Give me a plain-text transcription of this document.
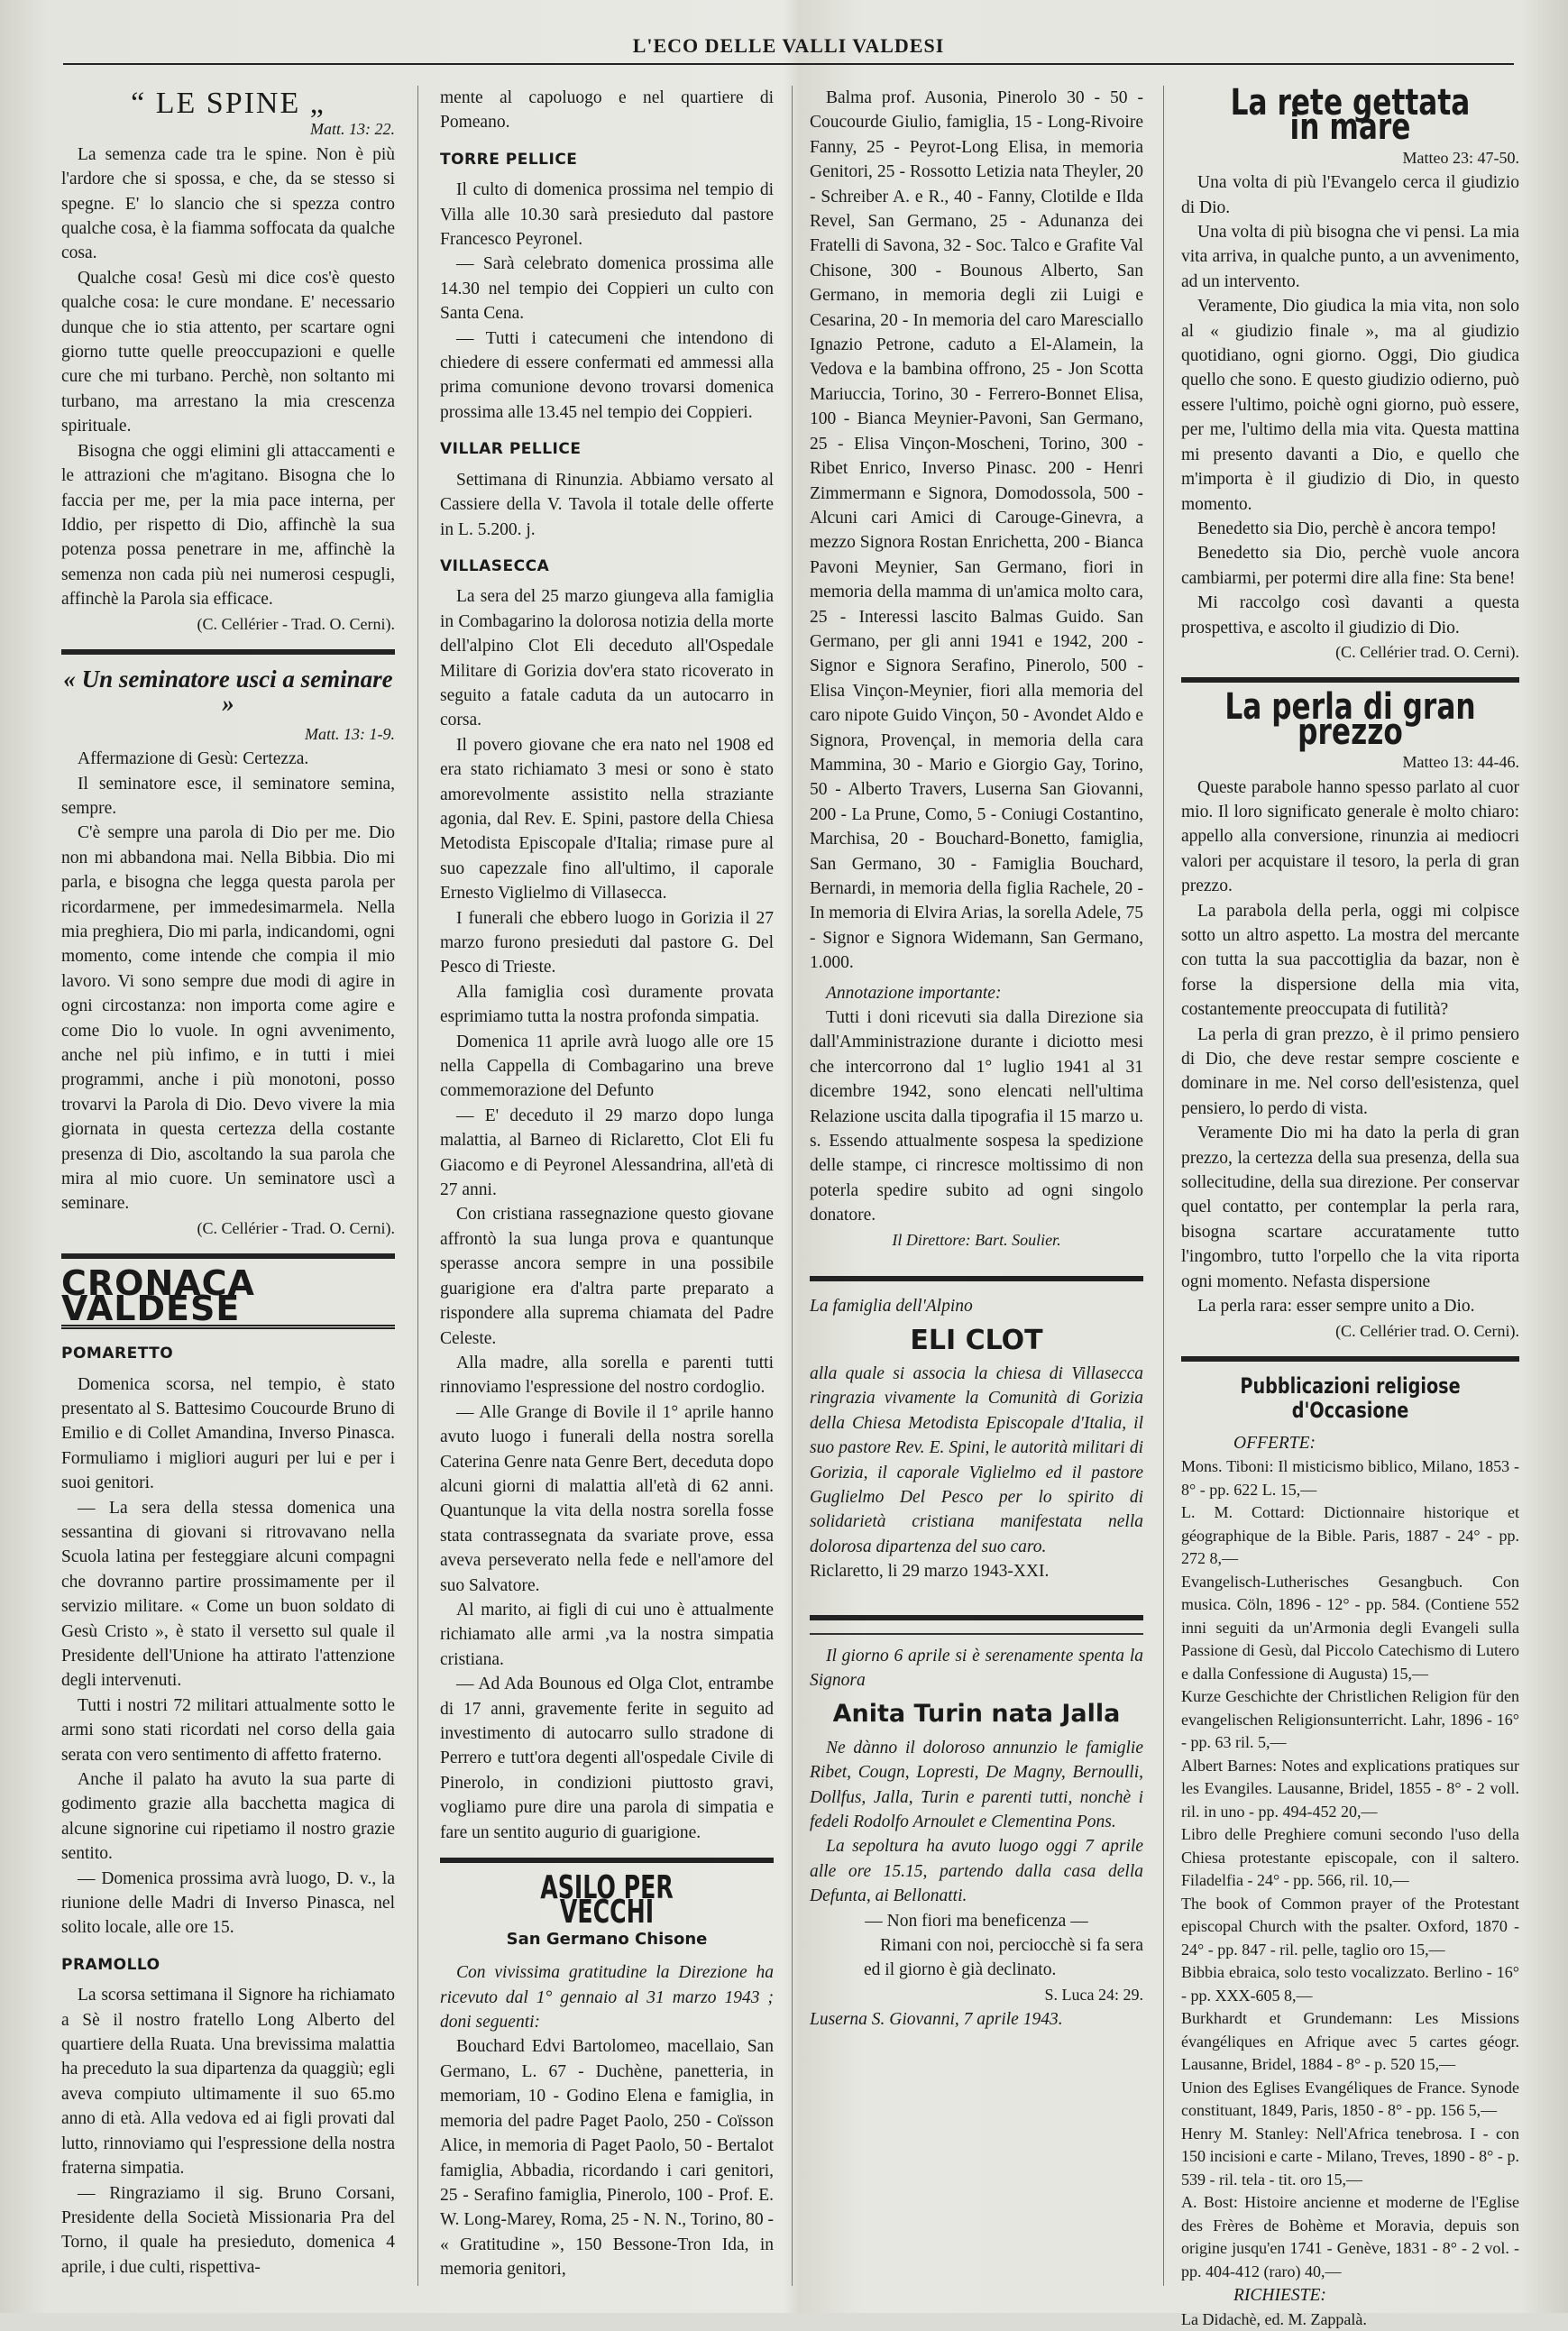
L'ECO DELLE VALLI VALDESI
“ LE SPINE „
Matt. 13: 22.

La semenza cade tra le spine. Non è più l'ardore che si spossa, e che, da se stesso si spegne. E' lo slancio che si spezza contro qualche cosa, è la fiamma soffocata da qualche cosa.

Qualche cosa! Gesù mi dice cos'è questo qualche cosa: le cure mondane. E' necessario dunque che io stia attento, per scartare ogni giorno tutte quelle preoccupazioni e quelle cure che mi turbano. Perchè, non soltanto mi turbano, ma arrestano la mia crescenza spirituale.

Bisogna che oggi elimini gli attaccamenti e le attrazioni che m'agitano. Bisogna che lo faccia per me, per la mia pace interna, per Iddio, per rispetto di Dio, affinchè la sua potenza possa penetrare in me, affinchè la semenza non cada più nei numerosi cespugli, affinchè la Parola sia efficace.

(C. Cellérier - Trad. O. Cerni).
« Un seminatore usci a seminare »
Matt. 13: 1-9.

Affermazione di Gesù: Certezza.

Il seminatore esce, il seminatore semina, sempre.

C'è sempre una parola di Dio per me. Dio non mi abbandona mai. Nella Bibbia. Dio mi parla, e bisogna che legga questa parola per ricordarmene, per immedesimarmela. Nella mia preghiera, Dio mi parla, indicandomi, ogni momento, come intende che compia il mio lavoro. Vi sono sempre due modi di agire in ogni circostanza: non importa come agire e come Dio lo vuole. In ogni avvenimento, anche nel più infimo, e in tutti i miei programmi, anche i più monotoni, posso trovarvi la Parola di Dio. Devo vivere la mia giornata in questa certezza della costante presenza di Dio, ascoltando la sua parola che mira al mio cuore. Un seminatore uscì a seminare.

(C. Cellérier - Trad. O. Cerni).
CRONACA VALDESE
POMARETTO

Domenica scorsa, nel tempio, è stato presentato al S. Battesimo Coucourde Bruno di Emilio e di Collet Amandina, Inverso Pinasca. Formuliamo i migliori auguri per lui e per i suoi genitori.

— La sera della stessa domenica una sessantina di giovani si ritrovavano nella Scuola latina per festeggiare alcuni compagni che dovranno partire prossimamente per il servizio militare. « Come un buon soldato di Gesù Cristo », è stato il versetto sul quale il Presidente dell'Unione ha attirato l'attenzione degli intervenuti.

Tutti i nostri 72 militari attualmente sotto le armi sono stati ricordati nel corso della gaia serata con vero sentimento di affetto fraterno.

Anche il palato ha avuto la sua parte di godimento grazie alla bacchetta magica di alcune signorine cui ripetiamo il nostro grazie sentito.

— Domenica prossima avrà luogo, D. v., la riunione delle Madri di Inverso Pinasca, nel solito locale, alle ore 15.

PRAMOLLO

La scorsa settimana il Signore ha richiamato a Sè il nostro fratello Long Alberto del quartiere della Ruata. Una brevissima malattia ha preceduto la sua dipartenza da quaggiù; egli aveva compiuto ultimamente il suo 65.mo anno di età. Alla vedova ed ai figli provati dal lutto, rinnoviamo qui l'espressione della nostra fraterna simpatia.

— Ringraziamo il sig. Bruno Corsani, Presidente della Società Missionaria Pra del Torno, il quale ha presieduto, domenica 4 aprile, i due culti, rispettiva-

mente al capoluogo e nel quartiere di Pomeano.

TORRE PELLICE

Il culto di domenica prossima nel tempio di Villa alle 10.30 sarà presieduto dal pastore Francesco Peyronel.

— Sarà celebrato domenica prossima alle 14.30 nel tempio dei Coppieri un culto con Santa Cena.

— Tutti i catecumeni che intendono di chiedere di essere confermati ed ammessi alla prima comunione devono trovarsi domenica prossima alle 13.45 nel tempio dei Coppieri.

VILLAR PELLICE

Settimana di Rinunzia. Abbiamo versato al Cassiere della V. Tavola il totale delle offerte in L. 5.200. j.

VILLASECCA

La sera del 25 marzo giungeva alla famiglia in Combagarino la dolorosa notizia della morte dell'alpino Clot Eli deceduto all'Ospedale Militare di Gorizia dov'era stato ricoverato in seguito a fatale caduta da un autocarro in corsa.

Il povero giovane che era nato nel 1908 ed era stato richiamato 3 mesi or sono è stato amorevolmente assistito nella straziante agonia, dal Rev. E. Spini, pastore della Chiesa Metodista Episcopale d'Italia; rimase pure al suo capezzale fino all'ultimo, il caporale Ernesto Viglielmo di Villasecca.

I funerali che ebbero luogo in Gorizia il 27 marzo furono presieduti dal pastore G. Del Pesco di Trieste.

Alla famiglia così duramente provata esprimiamo tutta la nostra profonda simpatia.

Domenica 11 aprile avrà luogo alle ore 15 nella Cappella di Combagarino una breve commemorazione del Defunto

— E' deceduto il 29 marzo dopo lunga malattia, al Barneo di Riclaretto, Clot Eli fu Giacomo e di Peyronel Alessandrina, all'età di 27 anni.

Con cristiana rassegnazione questo giovane affrontò la sua lunga prova e quantunque sperasse ancora sempre in una possibile guarigione era d'altra parte preparato a rispondere alla suprema chiamata del Padre Celeste.

Alla madre, alla sorella e parenti tutti rinnoviamo l'espressione del nostro cordoglio.

— Alle Grange di Bovile il 1° aprile hanno avuto luogo i funerali della nostra sorella Caterina Genre nata Genre Bert, deceduta dopo alcuni giorni di malattia all'età di 62 anni. Quantunque la vita della nostra sorella fosse stata contrassegnata da svariate prove, essa aveva perseverato nella fede e nell'amore del suo Salvatore.

Al marito, ai figli di cui uno è attualmente richiamato alle armi ,va la nostra simpatia cristiana.

— Ad Ada Bounous ed Olga Clot, entrambe di 17 anni, gravemente ferite in seguito ad investimento di autocarro sullo stradone di Perrero e tutt'ora degenti all'ospedale Civile di Pinerolo, in condizioni piuttosto gravi, vogliamo pure dire una parola di simpatia e fare un sentito augurio di guarigione.

ASILO PER VECCHI
San Germano Chisone

Con vivissima gratitudine la Direzione ha ricevuto dal 1° gennaio al 31 marzo 1943 ; doni seguenti:

Bouchard Edvi Bartolomeo, macellaio, San Germano, L. 67 - Duchène, panetteria, in memoriam, 10 - Godino Elena e famiglia, in memoria del padre Paget Paolo, 250 - Coïsson Alice, in memoria di Paget Paolo, 50 - Bertalot famiglia, Abbadia, ricordando i cari genitori, 25 - Serafino famiglia, Pinerolo, 100 - Prof. E. W. Long-Marey, Roma, 25 - N. N., Torino, 80 - « Gratitudine », 150 Bessone-Tron Ida, in memoria genitori,

Balma prof. Ausonia, Pinerolo 30 - 50 - Coucourde Giulio, famiglia, 15 - Long-Rivoire Fanny, 25 - Peyrot-Long Elisa, in memoria Genitori, 25 - Rossotto Letizia nata Theyler, 20 - Schreiber A. e R., 40 - Fanny, Clotilde e Ilda Revel, San Germano, 25 - Adunanza dei Fratelli di Savona, 32 - Soc. Talco e Grafite Val Chisone, 300 - Bounous Alberto, San Germano, in memoria degli zii Luigi e Cesarina, 20 - In memoria del caro Maresciallo Ignazio Petrone, caduto a El-Alamein, la Vedova e la bambina offrono, 25 - Jon Scotta Mariuccia, Torino, 30 - Ferrero-Bonnet Elisa, 100 - Bianca Meynier-Pavoni, San Germano, 25 - Elisa Vinçon-Moscheni, Torino, 300 - Ribet Enrico, Inverso Pinasc. 200 - Henri Zimmermann e Signora, Domodossola, 500 - Alcuni cari Amici di Carouge-Ginevra, a mezzo Signora Rostan Enrichetta, 200 - Bianca Pavoni Meynier, San Germano, fiori in memoria della mamma di un'amica molto cara, 25 - Interessi lascito Balmas Guido. San Germano, per gli anni 1941 e 1942, 200 - Signor e Signora Serafino, Pinerolo, 500 - Elisa Vinçon-Meynier, fiori alla memoria del caro nipote Guido Vinçon, 50 - Avondet Aldo e Signora, Provençal, in memoria della cara Mammina, 30 - Mario e Giorgio Gay, Torino, 50 - Alberto Travers, Luserna San Giovanni, 200 - La Prune, Como, 5 - Coniugi Costantino, Marchisa, 20 - Bouchard-Bonetto, famiglia, San Germano, 30 - Famiglia Bouchard, Bernardi, in memoria della figlia Rachele, 20 - In memoria di Elvira Arias, la sorella Adele, 75 - Signor e Signora Widemann, San Germano, 1.000.

Annotazione importante:

Tutti i doni ricevuti sia dalla Direzione sia dall'Amministrazione durante i diciotto mesi che intercorrono dal 1° luglio 1941 al 31 dicembre 1942, sono elencati nell'ultima Relazione uscita dalla tipografia il 15 marzo u. s. Essendo attualmente sospesa la spedizione delle stampe, ci rincresce moltissimo di non poterla spedire subito ad ogni singolo donatore.

Il Direttore: Bart. Soulier.

La famiglia dell'Alpino

ELI CLOT

alla quale si associa la chiesa di Villasecca ringrazia vivamente la Comunità di Gorizia della Chiesa Metodista Episcopale d'Italia, il suo pastore Rev. E. Spini, le autorità militari di Gorizia, il caporale Viglielmo ed il pastore Guglielmo Del Pesco per lo spirito di solidarietà cristiana manifestata nella dolorosa dipartenza del suo caro.

Riclaretto, li 29 marzo 1943-XXI.

Il giorno 6 aprile si è serenamente spenta la Signora

Anita Turin nata Jalla

Ne dànno il doloroso annunzio le famiglie Ribet, Cougn, Lopresti, De Magny, Bernoulli, Dollfus, Jalla, Turin e parenti tutti, nonchè i fedeli Rodolfo Arnoulet e Clementina Pons.

La sepoltura ha avuto luogo oggi 7 aprile alle ore 15.15, partendo dalla casa della Defunta, ai Bellonatti.

— Non fiori ma beneficenza —

Rimani con noi, perciocchè si fa sera ed il giorno è già declinato.

S. Luca 24: 29.

Luserna S. Giovanni, 7 aprile 1943.

La rete gettata in mare
Matteo 23: 47-50.

Una volta di più l'Evangelo cerca il giudizio di Dio.

Una volta di più bisogna che vi pensi. La mia vita arriva, in qualche punto, a un avvenimento, ad un intervento.

Veramente, Dio giudica la mia vita, non solo al « giudizio finale », ma al giudizio quotidiano, ogni giorno. Oggi, Dio giudica quello che sono. E questo giudizio odierno, può essere l'ultimo, poichè ogni giorno, può essere, per me, l'ultimo della mia vita. Questa mattina mi presento davanti a Dio, e quello che m'importa è il giudizio di Dio, in questo momento.

Benedetto sia Dio, perchè è ancora tempo!

Benedetto sia Dio, perchè vuole ancora cambiarmi, per potermi dire alla fine: Sta bene!

Mi raccolgo così davanti a questa prospettiva, e ascolto il giudizio di Dio.

(C. Cellérier trad. O. Cerni).
La perla di gran prezzo
Matteo 13: 44-46.

Queste parabole hanno spesso parlato al cuor mio. Il loro significato generale è molto chiaro: appello alla conversione, rinunzia ai mediocri valori per acquistare il tesoro, la perla di gran prezzo.

La parabola della perla, oggi mi colpisce sotto un altro aspetto. La mostra del mercante con tutta la sua paccottiglia da bazar, non è forse la dispersione della mia vita, costantemente preoccupata di futilità?

La perla di gran prezzo, è il primo pensiero di Dio, che deve restar sempre cosciente e dominare in me. Nel corso dell'esistenza, quel pensiero, lo perdo di vista.

Veramente Dio mi ha dato la perla di gran prezzo, la certezza della sua presenza, della sua sollecitudine, della sua direzione. Per conservar quel contatto, per contemplar la perla rara, bisogna scartare accuratamente tutto l'ingombro, tutto l'orpello che la vita riporta ogni momento. Nefasta dispersione

La perla rara: esser sempre unito a Dio.

(C. Cellérier trad. O. Cerni).
Pubblicazioni religiose d'Occasione

OFFERTE:

Mons. Tiboni: Il misticismo biblico, Milano, 1853 - 8° - pp. 622 L. 15,—

L. M. Cottard: Dictionnaire historique et géographique de la Bible. Paris, 1887 - 24° - pp. 272 8,—

Evangelisch-Lutherisches Gesangbuch. Con musica. Cöln, 1896 - 12° - pp. 584. (Contiene 552 inni seguiti da un'Armonia degli Evangeli sulla Passione di Gesù, dal Piccolo Catechismo di Lutero e dalla Confessione di Augusta) 15,—

Kurze Geschichte der Christlichen Religion für den evangelischen Religionsunterricht. Lahr, 1896 - 16° - pp. 63 ril. 5,—

Albert Barnes: Notes and explications pratiques sur les Evangiles. Lausanne, Bridel, 1855 - 8° - 2 voll. ril. in uno - pp. 494-452 20,—

Libro delle Preghiere comuni secondo l'uso della Chiesa protestante episcopale, con il saltero. Filadelfia - 24° - pp. 566, ril. 10,—

The book of Common prayer of the Protestant episcopal Church with the psalter. Oxford, 1870 - 24° - pp. 847 - ril. pelle, taglio oro 15,—

Bibbia ebraica, solo testo vocalizzato. Berlino - 16° - pp. XXX-605 8,—

Burkhardt et Grundemann: Les Missions évangéliques en Afrique avec 5 cartes géogr. Lausanne, Bridel, 1884 - 8° - p. 520 15,—

Union des Eglises Evangéliques de France. Synode constituant, 1849, Paris, 1850 - 8° - pp. 156 5,—

Henry M. Stanley: Nell'Africa tenebrosa. I - con 150 incisioni e carte - Milano, Treves, 1890 - 8° - p. 539 - ril. tela - tit. oro 15,—

A. Bost: Histoire ancienne et moderne de l'Eglise des Frères de Bohème et Moravia, depuis son origine jusqu'en 1741 - Genève, 1831 - 8° - 2 vol. - pp. 404-412 (raro) 40,—

RICHIESTE:

La Didachè, ed. M. Zappalà.
